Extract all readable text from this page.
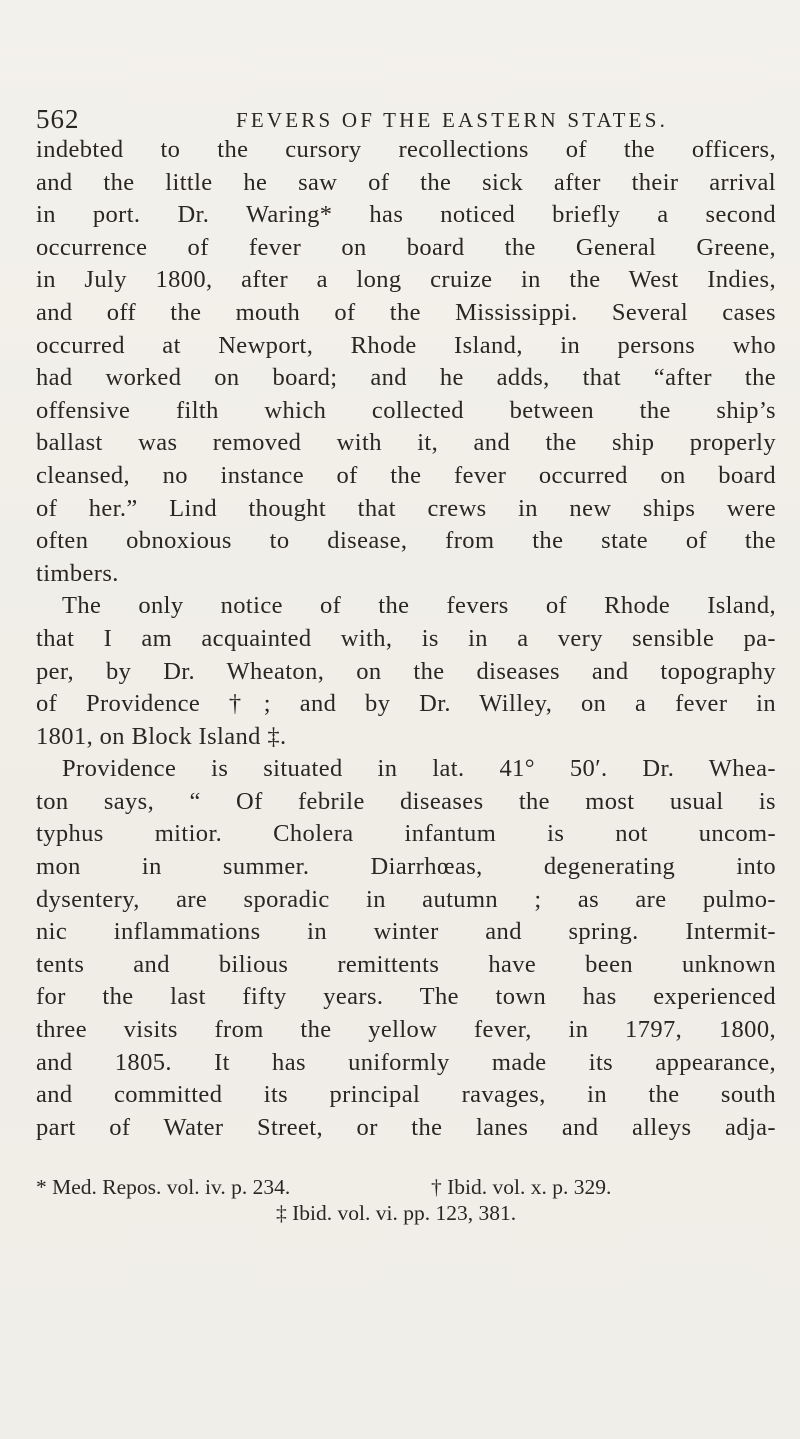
562	FEVERS OF THE EASTERN STATES.
indebted to the cursory recollections of the officers,
and the little he saw of the sick after their arrival
in port. Dr. Waring* has noticed briefly a second
occurrence of fever on board the General Greene,
in July 1800, after a long cruize in the West Indies,
and off the mouth of the Mississippi. Several cases
occurred at Newport, Rhode Island, in persons who
had worked on board; and he adds, that “after the
offensive filth which collected between the ship’s
ballast was removed with it, and the ship properly
cleansed, no instance of the fever occurred on board
of her.” Lind thought that crews in new ships were
often obnoxious to disease, from the state of the
timbers.
The only notice of the fevers of Rhode Island,
that I am acquainted with, is in a very sensible pa-
per, by Dr. Wheaton, on the diseases and topography
of Providence †; and by Dr. Willey, on a fever in
1801, on Block Island ‡.
Providence is situated in lat. 41° 50′. Dr. Whea-
ton says, “ Of febrile diseases the most usual is
typhus mitior. Cholera infantum is not uncom-
mon in summer. Diarrhœas, degenerating into
dysentery, are sporadic in autumn ; as are pulmo-
nic inflammations in winter and spring. Intermit-
tents and bilious remittents have been unknown
for the last fifty years. The town has experienced
three visits from the yellow fever, in 1797, 1800,
and 1805. It has uniformly made its appearance,
and committed its principal ravages, in the south
part of Water Street, or the lanes and alleys adja-
* Med. Repos. vol. iv. p. 234.	† Ibid. vol. x. p. 329.
‡ Ibid. vol. vi. pp. 123, 381.
